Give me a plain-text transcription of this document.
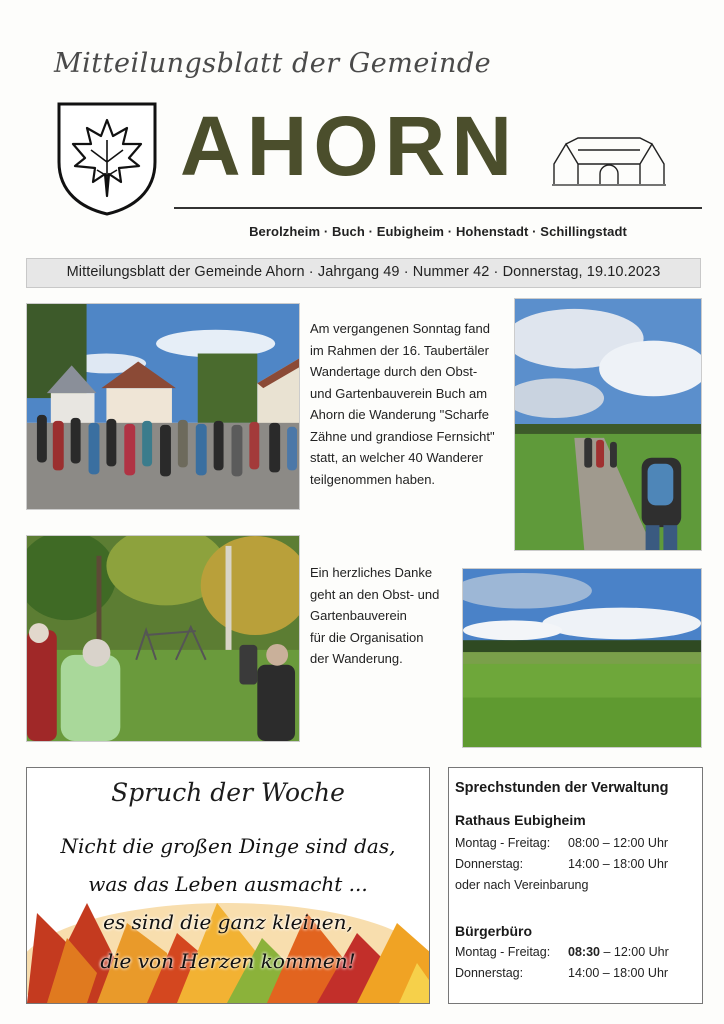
Mitteilungsblatt der Gemeinde
AHORN
Berolzheim · Buch · Eubigheim · Hohenstadt · Schillingstadt
Mitteilungsblatt der Gemeinde Ahorn · Jahrgang 49 · Nummer 42 · Donnerstag, 19.10.2023
Am vergangenen Sonntag fand
im Rahmen der 16. Taubertäler
Wandertage durch den Obst-
und Gartenbauverein Buch am
Ahorn die Wanderung "Scharfe
Zähne und grandiose Fernsicht"
statt, an welcher 40 Wanderer
teilgenommen haben.
Ein herzliches Danke
geht an den Obst- und
Gartenbauverein
für die Organisation
der Wanderung.
Spruch der Woche
Nicht die großen Dinge sind das,
was das Leben ausmacht ...
es sind die ganz kleinen,
die von Herzen kommen!
Sprechstunden der Verwaltung
Rathaus Eubigheim
Montag - Freitag: 08:00 – 12:00 Uhr
Donnerstag:	14:00 – 18:00 Uhr
oder nach Vereinbarung
Bürgerbüro
Montag - Freitag: 08:30 – 12:00 Uhr
Donnerstag:	14:00 – 18:00 Uhr
